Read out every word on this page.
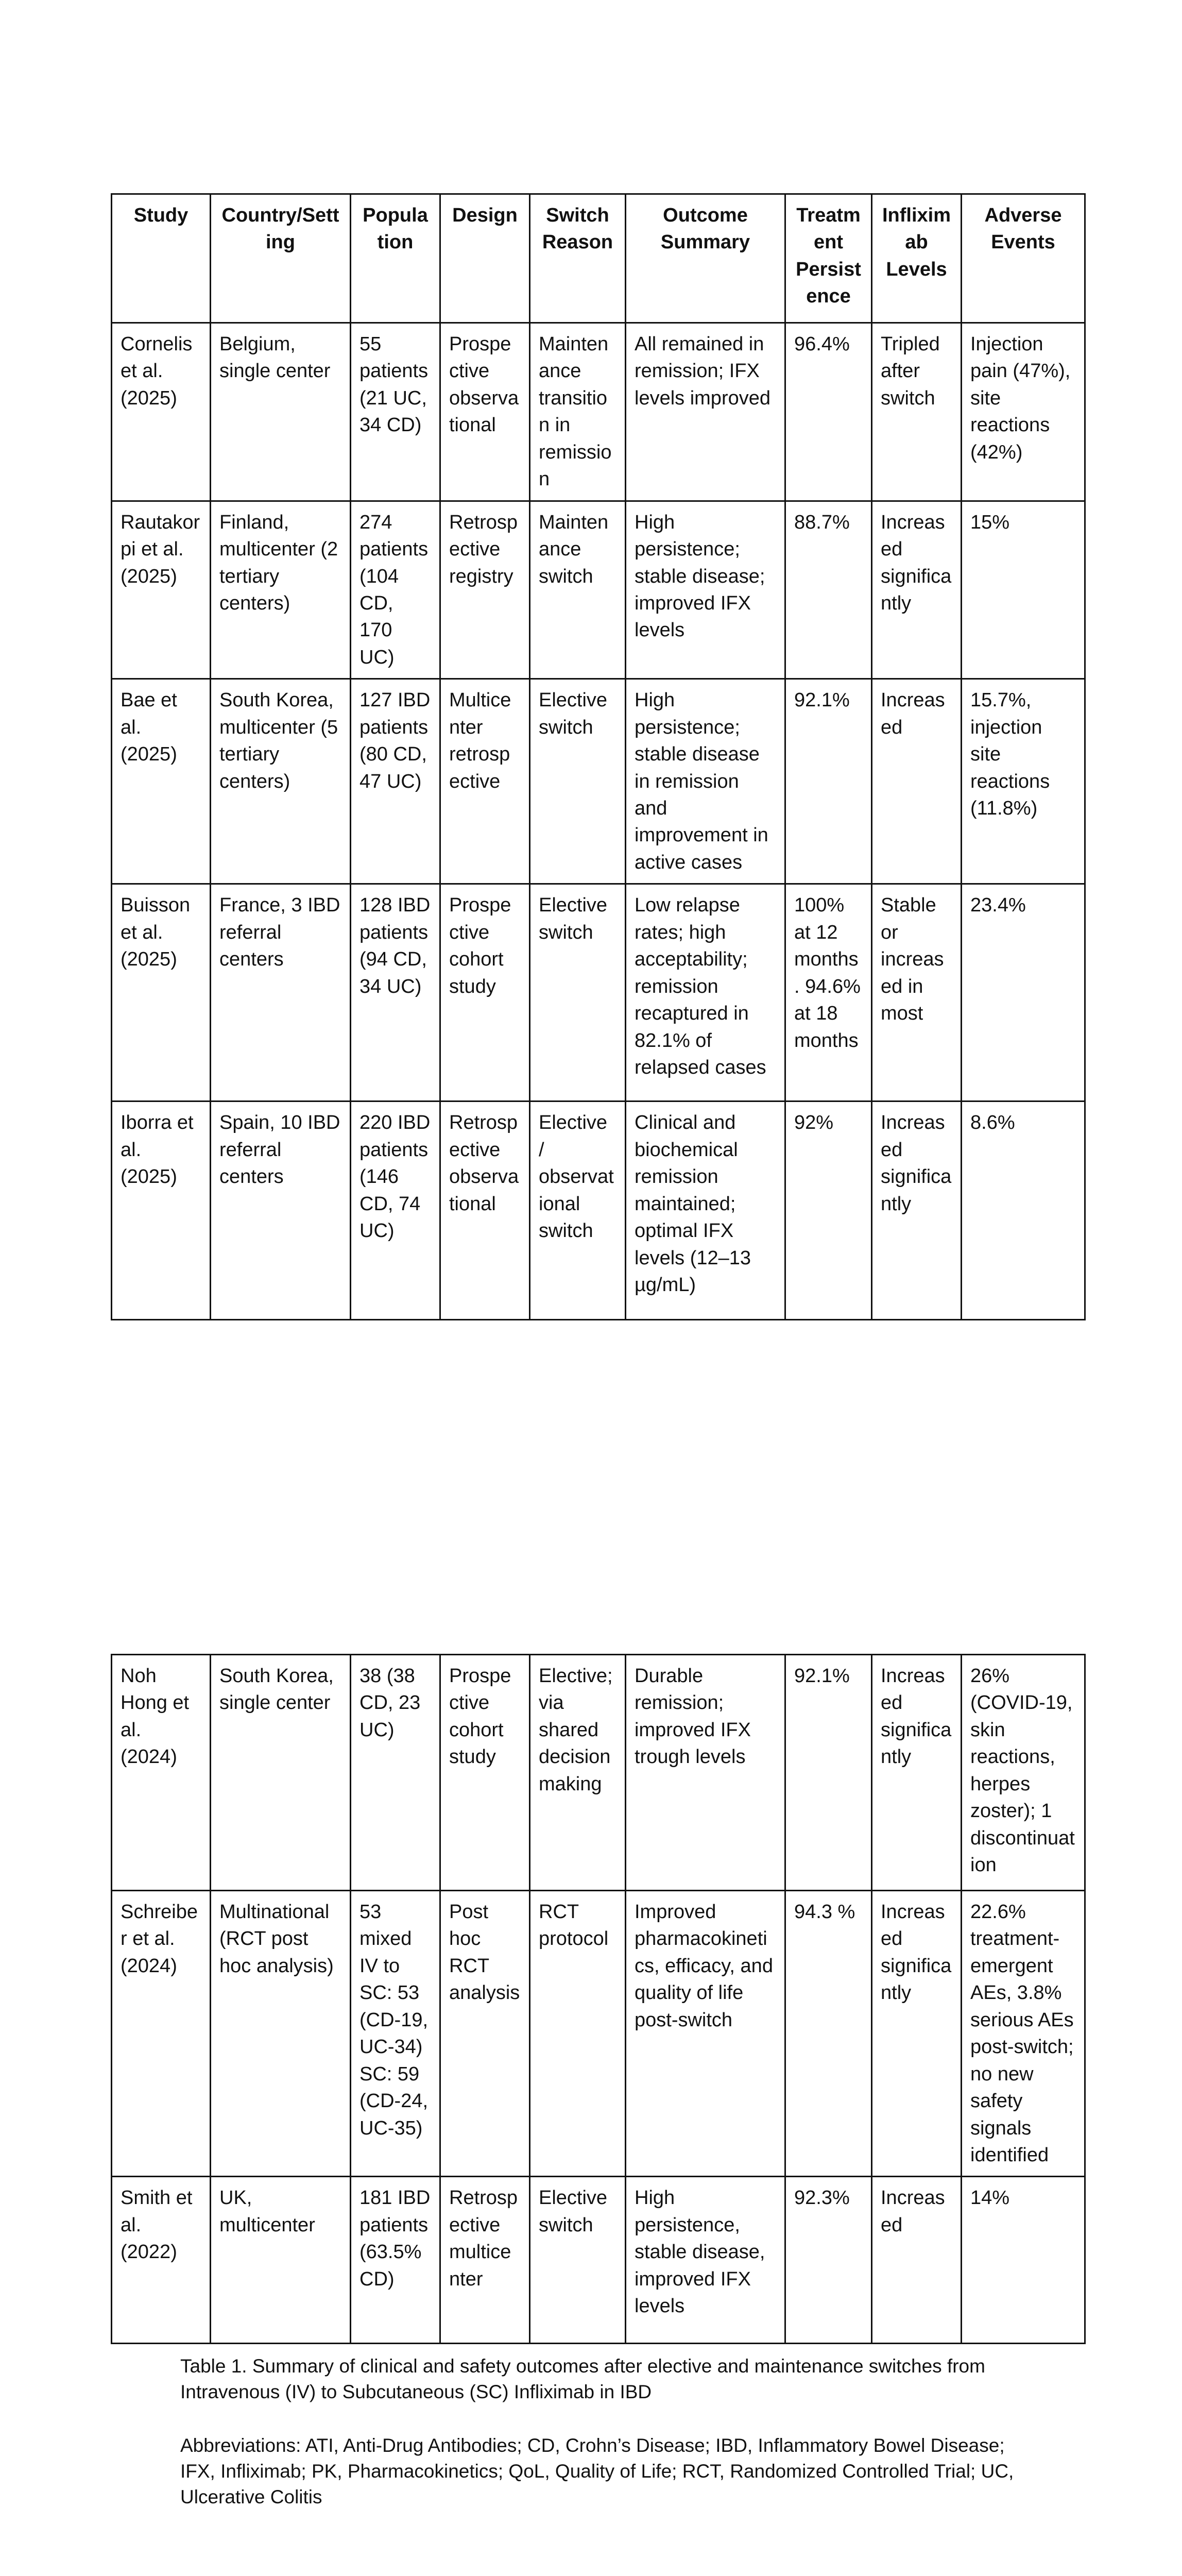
Study	Country/Setting	Population	Design	Switch Reason	Outcome Summary	Treatment Persistence	Infliximab Levels	Adverse Events
Cornelis et al. (2025)	Belgium, single center	55 patients (21 UC, 34 CD)	Prospective observational	Maintenance transition in remission	All remained in remission; IFX levels improved	96.4%	Tripled after switch	Injection pain (47%), site reactions (42%)
Rautakorpi et al. (2025)	Finland, multicenter (2 tertiary centers)	274 patients (104 CD, 170 UC)	Retrospective registry	Maintenance switch	High persistence; stable disease; improved IFX levels	88.7%	Increased significantly	15%
Bae et al. (2025)	South Korea, multicenter (5 tertiary centers)	127 IBD patients (80 CD, 47 UC)	Multicenter retrospective	Elective switch	High persistence; stable disease in remission and improvement in active cases	92.1%	Increased	15.7%, injection site reactions (11.8%)
Buisson et al. (2025)	France, 3 IBD referral centers	128 IBD patients (94 CD, 34 UC)	Prospective cohort study	Elective switch	Low relapse rates; high acceptability; remission recaptured in 82.1% of relapsed cases	100% at 12 months. 94.6% at 18 months	Stable or increased in most	23.4%
Iborra et al. (2025)	Spain, 10 IBD referral centers	220 IBD patients (146 CD, 74 UC)	Retrospective observational	Elective / observational switch	Clinical and biochemical remission maintained; optimal IFX levels (12–13 µg/mL)	92%	Increased significantly	8.6%
Noh Hong et al. (2024)	South Korea, single center	38 (38 CD, 23 UC)	Prospective cohort study	Elective; via shared decision making	Durable remission; improved IFX trough levels	92.1%	Increased significantly	26% (COVID-19, skin reactions, herpes zoster); 1 discontinuation
Schreiber et al. (2024)	Multinational (RCT post hoc analysis)	53 mixed IV to SC: 53 (CD-19, UC-34) SC: 59 (CD-24, UC-35)	Post hoc RCT analysis	RCT protocol	Improved pharmacokinetics, efficacy, and quality of life post-switch	94.3 %	Increased significantly	22.6% treatment-emergent AEs, 3.8% serious AEs post-switch; no new safety signals identified
Smith et al. (2022)	UK, multicenter	181 IBD patients (63.5% CD)	Retrospective multicenter	Elective switch	High persistence, stable disease, improved IFX levels	92.3%	Increased	14%

Table 1. Summary of clinical and safety outcomes after elective and maintenance switches from Intravenous (IV) to Subcutaneous (SC) Infliximab in IBD

Abbreviations: ATI, Anti-Drug Antibodies; CD, Crohn’s Disease; IBD, Inflammatory Bowel Disease; IFX, Infliximab; PK, Pharmacokinetics; QoL, Quality of Life; RCT, Randomized Controlled Trial; UC, Ulcerative Colitis
